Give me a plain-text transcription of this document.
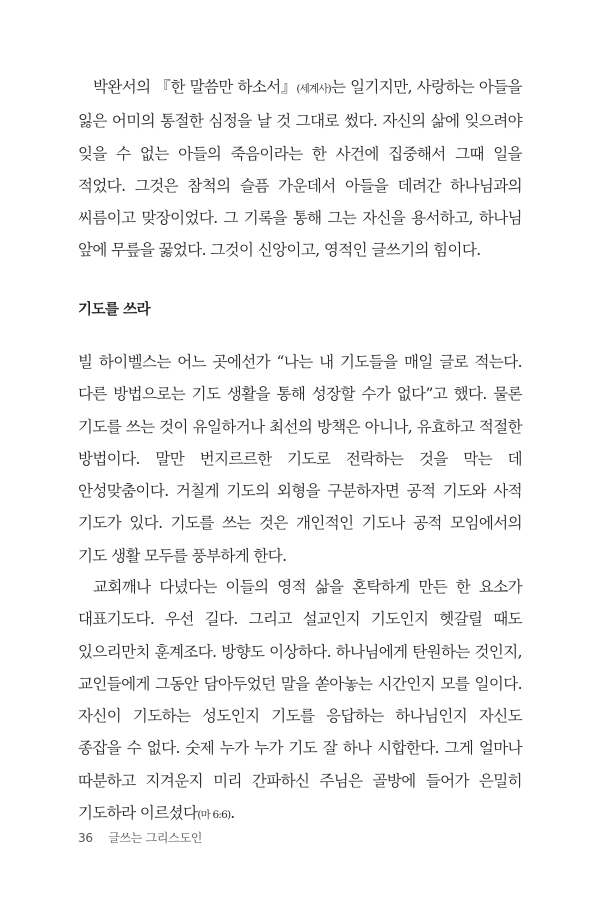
박완서의 『한 말씀만 하소서』(세계사)는 일기지만, 사랑하는 아들을 잃은 어미의 통절한 심정을 날 것 그대로 썼다. 자신의 삶에 잊으려야 잊을 수 없는 아들의 죽음이라는 한 사건에 집중해서 그때 일을 적었다. 그것은 참척의 슬픔 가운데서 아들을 데려간 하나님과의 씨름이고 맞장이었다. 그 기록을 통해 그는 자신을 용서하고, 하나님 앞에 무릎을 꿇었다. 그것이 신앙이고, 영적인 글쓰기의 힘이다.

기도를 쓰라

빌 하이벨스는 어느 곳에선가 “나는 내 기도들을 매일 글로 적는다. 다른 방법으로는 기도 생활을 통해 성장할 수가 없다”고 했다. 물론 기도를 쓰는 것이 유일하거나 최선의 방책은 아니나, 유효하고 적절한 방법이다. 말만 번지르르한 기도로 전락하는 것을 막는 데 안성맞춤이다. 거칠게 기도의 외형을 구분하자면 공적 기도와 사적 기도가 있다. 기도를 쓰는 것은 개인적인 기도나 공적 모임에서의 기도 생활 모두를 풍부하게 한다.

교회깨나 다녔다는 이들의 영적 삶을 혼탁하게 만든 한 요소가 대표기도다. 우선 길다. 그리고 설교인지 기도인지 헷갈릴 때도 있으리만치 훈계조다. 방향도 이상하다. 하나님에게 탄원하는 것인지, 교인들에게 그동안 담아두었던 말을 쏟아놓는 시간인지 모를 일이다. 자신이 기도하는 성도인지 기도를 응답하는 하나님인지 자신도 종잡을 수 없다. 숫제 누가 누가 기도 잘 하나 시합한다. 그게 얼마나 따분하고 지겨운지 미리 간파하신 주님은 골방에 들어가 은밀히 기도하라 이르셨다(마 6:6).

36 글쓰는 그리스도인
